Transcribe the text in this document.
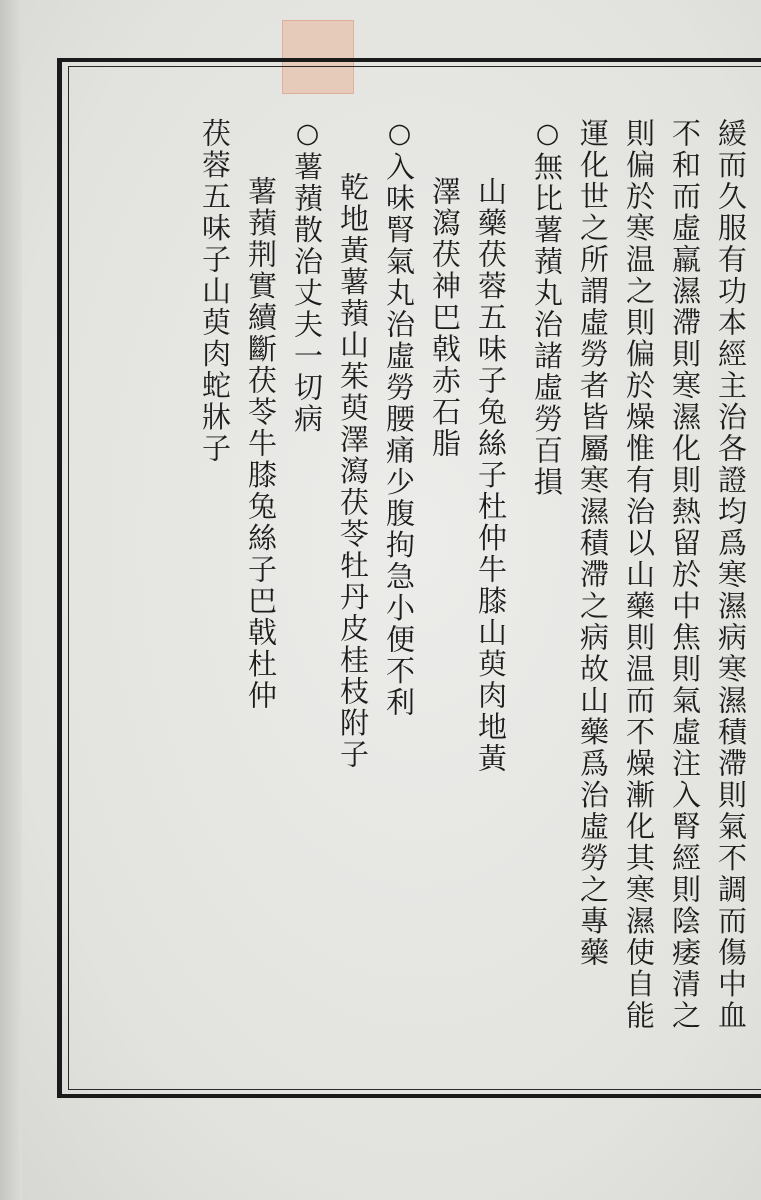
緩而久服有功本經主治各證均爲寒濕病寒濕積滯則氣不調而傷中血
不和而虛羸濕滯則寒濕化則熱留於中焦則氣虛注入腎經則陰痿清之
則偏於寒温之則偏於燥惟有治以山藥則温而不燥漸化其寒濕使自能
運化世之所謂虛勞者皆屬寒濕積滯之病故山藥爲治虛勞之專藥
○無比薯蕷丸治諸虛勞百損
山藥茯蓉五味子兔絲子杜仲牛膝山萸肉地黃
澤瀉茯神巴戟赤石脂
○入味腎氣丸治虛勞腰痛少腹拘急小便不利
乾地黃薯蕷山茱萸澤瀉茯苓牡丹皮桂枝附子
○薯蕷散治丈夫一切病
薯蕷荆實續斷茯苓牛膝兔絲子巴戟杜仲
茯蓉五味子山萸肉蛇牀子
